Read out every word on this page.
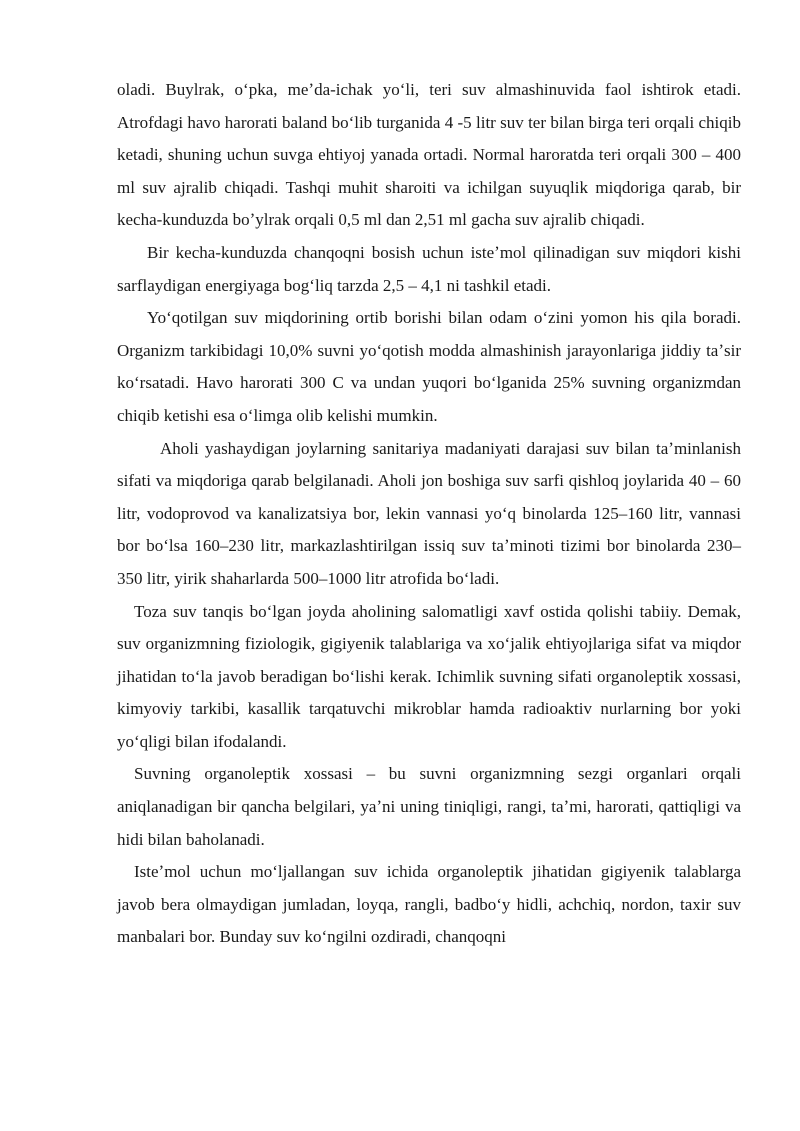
oladi. Buylrak, oʻpka, meʼda-ichak yoʻli, teri suv almashinuvida faol ishtirok etadi. Atrofdagi havo harorati baland boʻlib turganida 4 -5 litr suv ter bilan birga teri orqali chiqib ketadi, shuning uchun suvga ehtiyoj yanada ortadi. Normal haroratda teri orqali 300 – 400 ml suv ajralib chiqadi. Tashqi muhit sharoiti va ichilgan suyuqlik miqdoriga qarab, bir kecha-kunduzda boʼylrak orqali 0,5 ml dan 2,51 ml gacha suv ajralib chiqadi.

Bir kecha-kunduzda chanqoqni bosish uchun isteʼmol qilinadigan suv miqdori kishi sarflaydigan energiyaga bogʻliq tarzda 2,5 – 4,1 ni tashkil etadi.

Yoʻqotilgan suv miqdorining ortib borishi bilan odam oʻzini yomon his qila boradi. Organizm tarkibidagi 10,0% suvni yoʻqotish modda almashinish jarayonlariga jiddiy taʼsir koʻrsatadi. Havo harorati 300 C va undan yuqori boʻlganida 25% suvning organizmdan chiqib ketishi esa oʻlimga olib kelishi mumkin.

Aholi yashaydigan joylarning sanitariya madaniyati darajasi suv bilan taʼminlanish sifati va miqdoriga qarab belgilanadi. Aholi jon boshiga suv sarfi qishloq joylarida 40 – 60 litr, vodoprovod va kanalizatsiya bor, lekin vannasi yoʻq binolarda 125–160 litr, vannasi bor boʻlsa 160–230 litr, markazlashtirilgan issiq suv taʼminoti tizimi bor binolarda 230– 350 litr, yirik shaharlarda 500–1000 litr atrofida boʻladi.

Toza suv tanqis boʻlgan joyda aholining salomatligi xavf ostida qolishi tabiiy. Demak, suv organizmning fiziologik, gigiyenik talablariga va xoʻjalik ehtiyojlariga sifat va miqdor jihatidan toʻla javob beradigan boʻlishi kerak. Ichimlik suvning sifati organoleptik xossasi, kimyoviy tarkibi, kasallik tarqatuvchi mikroblar hamda radioaktiv nurlarning bor yoki yoʻqligi bilan ifodalandi.

Suvning organoleptik xossasi – bu suvni organizmning sezgi organlari orqali aniqlanadigan bir qancha belgilari, yaʼni uning tiniqligi, rangi, taʼmi, harorati, qattiqligi va hidi bilan baholanadi.

Isteʼmol uchun moʻljallangan suv ichida organoleptik jihatidan gigiyenik talablarga javob bera olmaydigan jumladan, loyqa, rangli, badboʻy hidli, achchiq, nordon, taxir suv manbalari bor. Bunday suv koʻngilni ozdiradi, chanqoqni
